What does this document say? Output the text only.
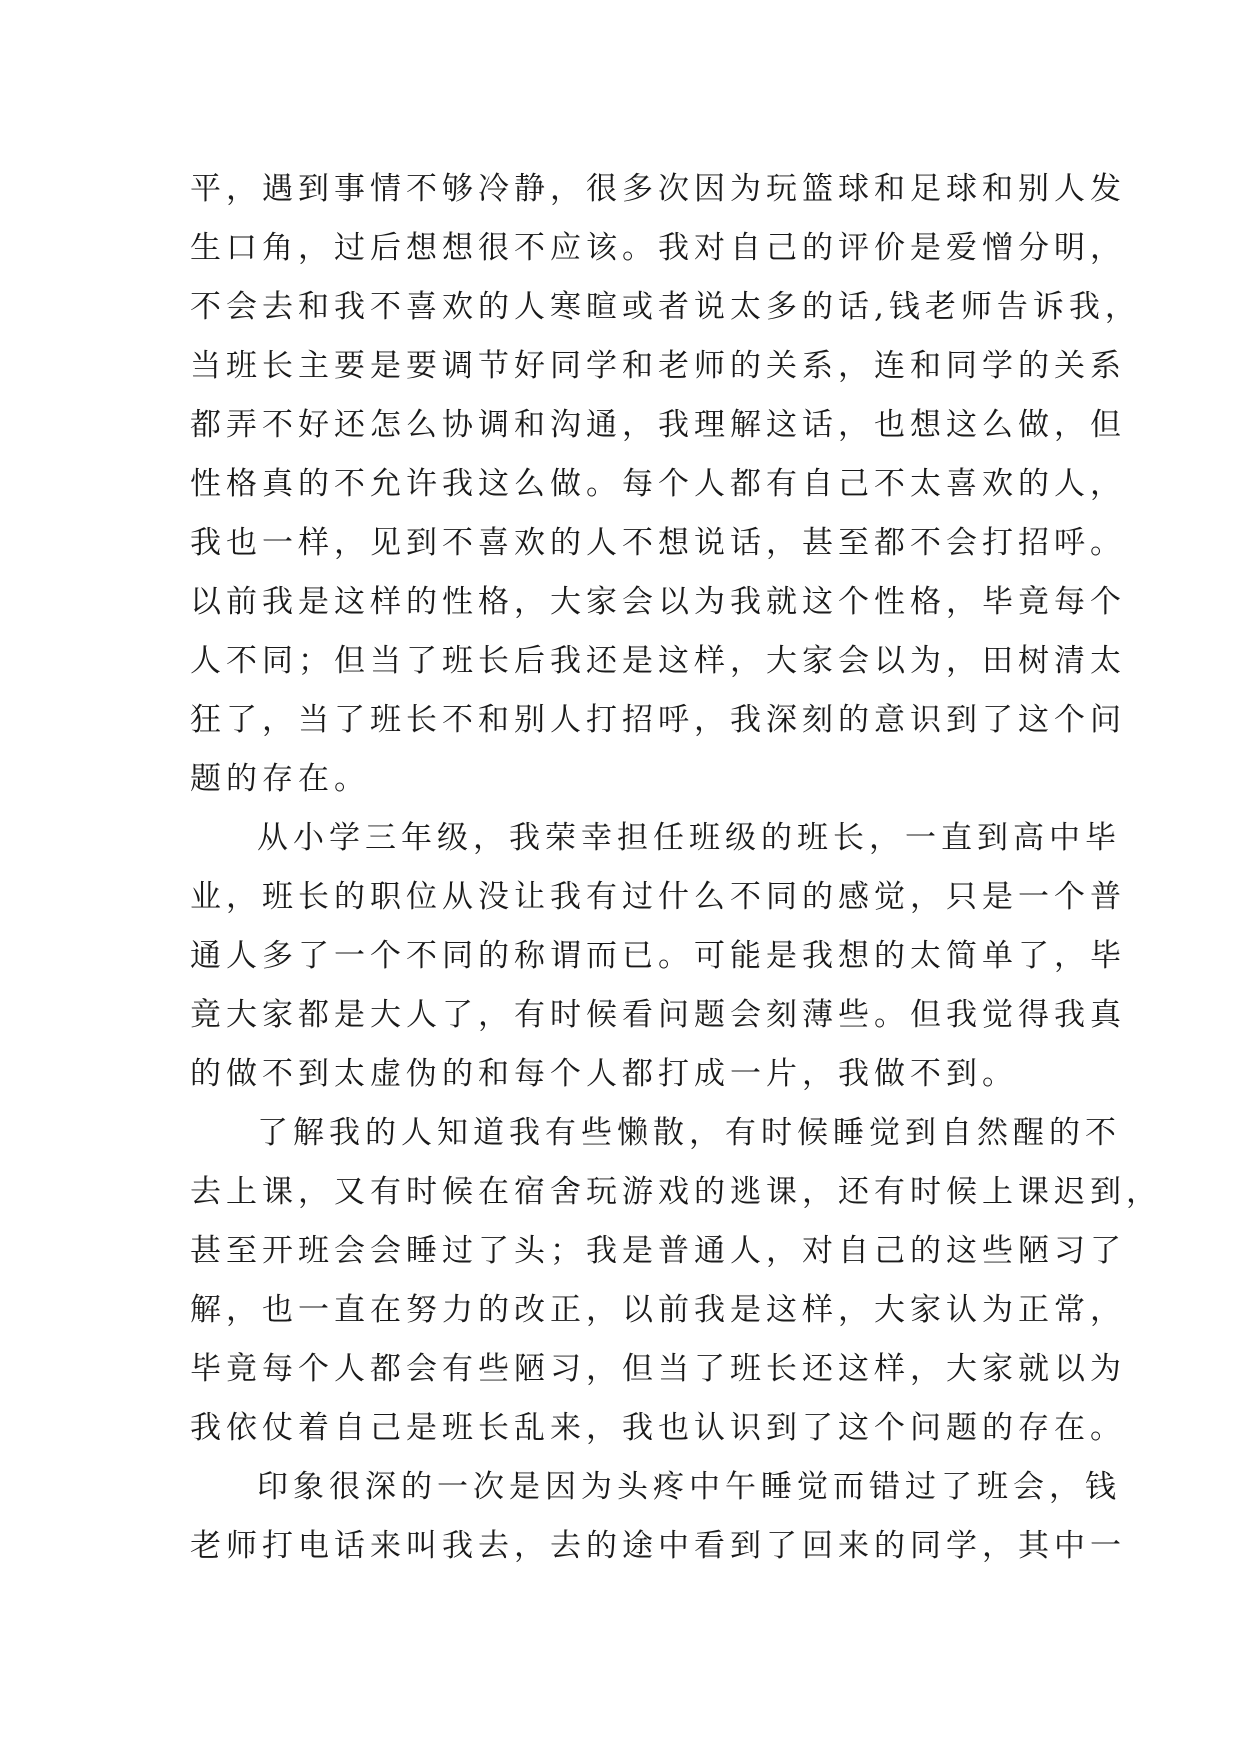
平，遇到事情不够冷静，很多次因为玩篮球和足球和别人发
生口角，过后想想很不应该。我对自己的评价是爱憎分明，
不会去和我不喜欢的人寒暄或者说太多的话,钱老师告诉我，
当班长主要是要调节好同学和老师的关系，连和同学的关系
都弄不好还怎么协调和沟通，我理解这话，也想这么做，但
性格真的不允许我这么做。每个人都有自己不太喜欢的人，
我也一样，见到不喜欢的人不想说话，甚至都不会打招呼。
以前我是这样的性格，大家会以为我就这个性格，毕竟每个
人不同；但当了班长后我还是这样，大家会以为，田树清太
狂了，当了班长不和别人打招呼，我深刻的意识到了这个问
题的存在。
从小学三年级，我荣幸担任班级的班长，一直到高中毕
业，班长的职位从没让我有过什么不同的感觉，只是一个普
通人多了一个不同的称谓而已。可能是我想的太简单了，毕
竟大家都是大人了，有时候看问题会刻薄些。但我觉得我真
的做不到太虚伪的和每个人都打成一片，我做不到。
了解我的人知道我有些懒散，有时候睡觉到自然醒的不
去上课，又有时候在宿舍玩游戏的逃课，还有时候上课迟到，
甚至开班会会睡过了头；我是普通人，对自己的这些陋习了
解，也一直在努力的改正，以前我是这样，大家认为正常，
毕竟每个人都会有些陋习，但当了班长还这样，大家就以为
我依仗着自己是班长乱来，我也认识到了这个问题的存在。
印象很深的一次是因为头疼中午睡觉而错过了班会，钱
老师打电话来叫我去，去的途中看到了回来的同学，其中一
